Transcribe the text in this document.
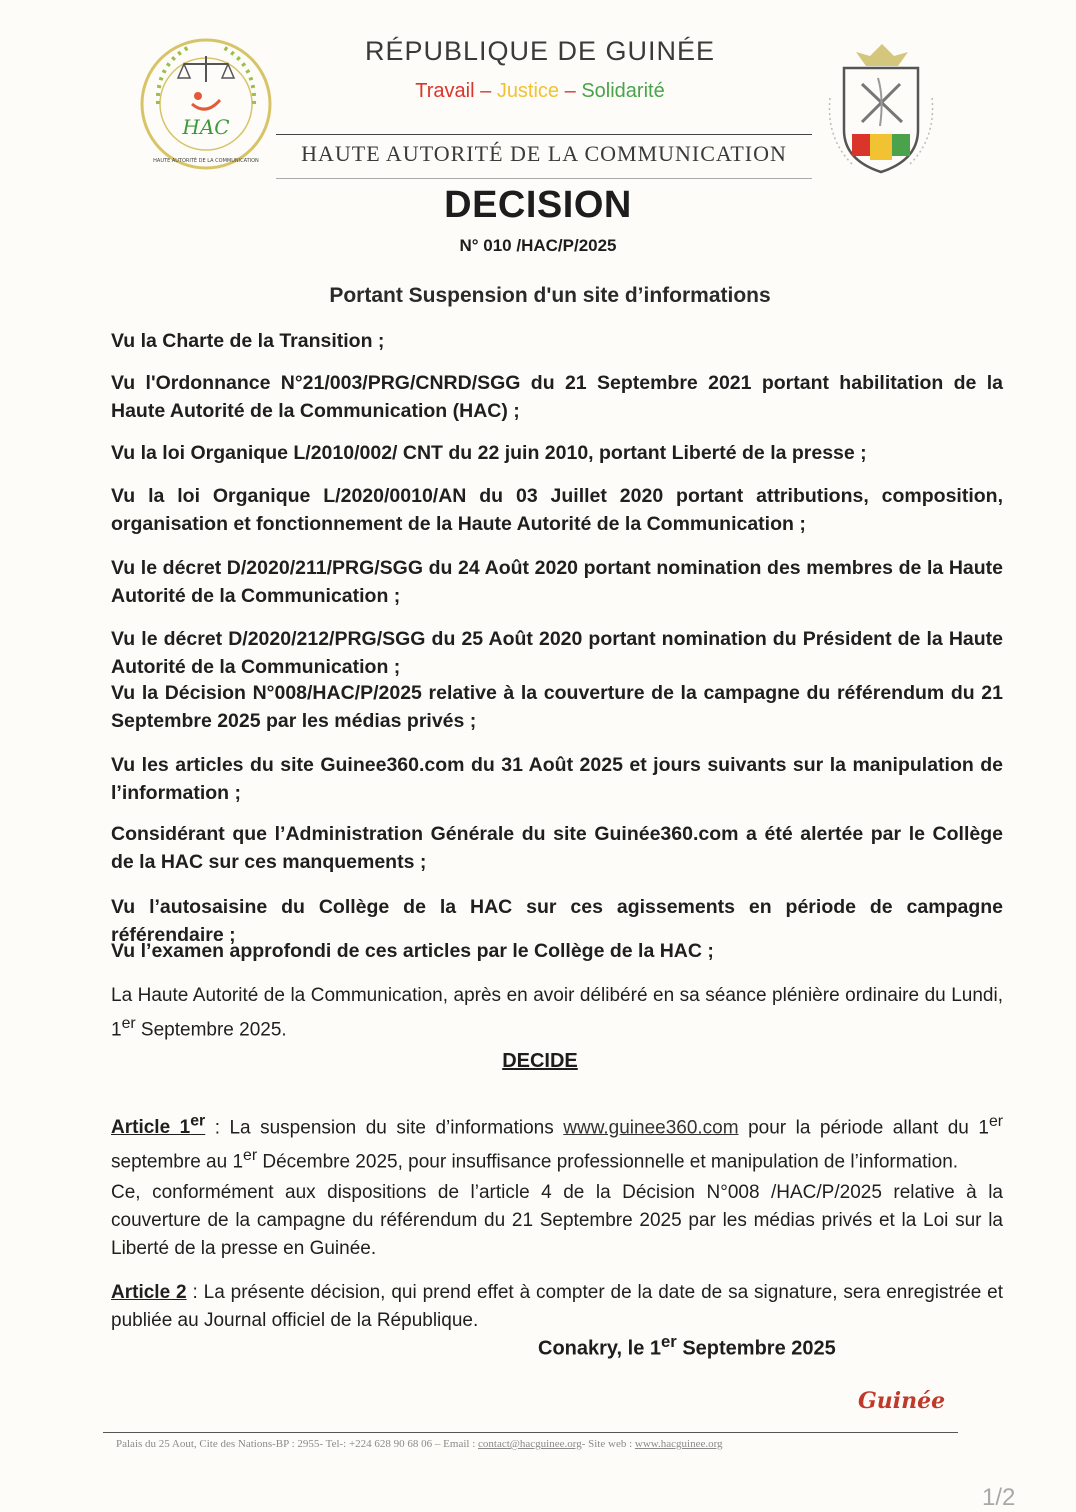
HAC
HAUTE AUTORITÉ DE LA COMMUNICATION
RÉPUBLIQUE DE GUINÉE
Travail – Justice – Solidarité
HAUTE AUTORITÉ DE LA COMMUNICATION
DECISION
N° 010 /HAC/P/2025
Portant Suspension d'un site d’informations
Vu la Charte de la Transition ;
Vu l'Ordonnance N°21/003/PRG/CNRD/SGG du 21 Septembre 2021 portant habilitation de la Haute Autorité de la Communication (HAC) ;
Vu la loi Organique L/2010/002/ CNT du 22 juin 2010, portant Liberté de la presse ;
Vu la loi Organique L/2020/0010/AN du 03 Juillet 2020 portant attributions, composition, organisation et fonctionnement de la Haute Autorité de la Communication ;
Vu le décret D/2020/211/PRG/SGG du 24 Août 2020 portant nomination des membres de la Haute Autorité de la Communication ;
Vu le décret D/2020/212/PRG/SGG du 25 Août 2020 portant nomination du Président de la Haute Autorité de la Communication ;
Vu la Décision N°008/HAC/P/2025 relative à la couverture de la campagne du référendum du 21 Septembre 2025 par les médias privés ;
Vu les articles du site Guinee360.com du 31 Août 2025 et jours suivants sur la manipulation de l’information ;
Considérant que l’Administration Générale du site Guinée360.com a été alertée par le Collège de la HAC sur ces manquements ;
Vu l’autosaisine du Collège de la HAC sur ces agissements en période de campagne référendaire ;
Vu l’examen approfondi de ces articles par le Collège de la HAC ;
La Haute Autorité de la Communication, après en avoir délibéré en sa séance plénière ordinaire du Lundi, 1er Septembre 2025.
DECIDE
Article 1er : La suspension du site d’informations www.guinee360.com pour la période allant du 1er septembre au 1er Décembre 2025, pour insuffisance professionnelle et manipulation de l’information.
Ce, conformément aux dispositions de l’article 4 de la Décision N°008 /HAC/P/2025 relative à la couverture de la campagne du référendum du 21 Septembre 2025 par les médias privés et la Loi sur la Liberté de la presse en Guinée.
Article 2 : La présente décision, qui prend effet à compter de la date de sa signature, sera enregistrée et publiée au Journal officiel de la République.
Conakry, le 1er Septembre 2025
Guinée
Palais du 25 Aout, Cite des Nations-BP : 2955- Tel-: +224 628 90 68 06 – Email : contact@hacguinee.org- Site web : www.hacguinee.org
1/2
